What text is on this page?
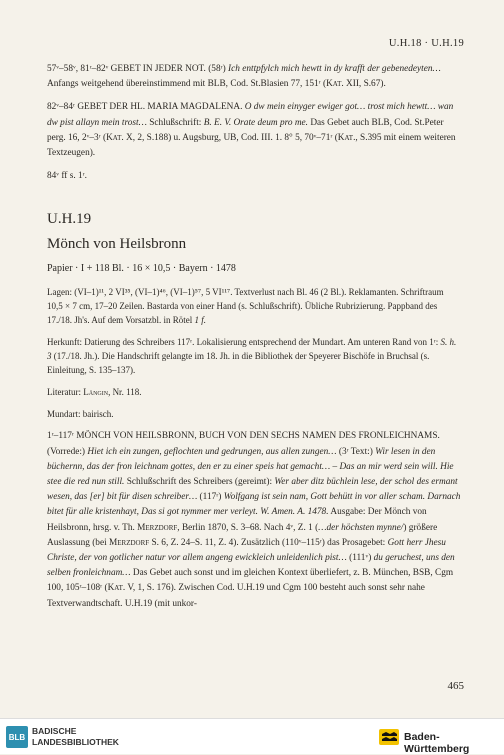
U.H.18 · U.H.19

57ᵛ–58ᵛ, 81ʳ–82ᵛ GEBET IN JEDER NOT. (58ʳ) Ich enttpfylch mich hewtt in dy krafft der gebenedeyten… Anfangs weitgehend übereinstimmend mit BLB, Cod. St.Blasien 77, 151ʳ (Kat. XII, S.67).

82ᵛ–84ʳ GEBET DER HL. MARIA MAGDALENA. O dw mein einyger ewiger got… trost mich hewtt… wan dw pist allayn mein trost… Schlußschrift: B. E. V. Orate deum pro me. Das Gebet auch BLB, Cod. St.Peter perg. 16, 2ᵛ–3ʳ (Kat. X, 2, S.188) u. Augsburg, UB, Cod. III. 1. 8° 5, 70ᵛ–71ʳ (Kat., S.395 mit einem weiteren Textzeugen).

84ᵛ ff s. 1ʳ.

U.H.19
Mönch von Heilsbronn
Papier · I + 118 Bl. · 16 × 10,5 · Bayern · 1478

Lagen: (VI–1)¹¹, 2 VI³⁵, (VI–1)⁴⁶, (VI–1)⁵⁷, 5 VI¹¹⁷. Textverlust nach Bl. 46 (2 Bl.). Reklamanten. Schriftraum 10,5 × 7 cm, 17–20 Zeilen. Bastarda von einer Hand (s. Schlußschrift). Übliche Rubrizierung. Pappband des 17./18. Jh's. Auf dem Vorsatzbl. in Rötel 1 f.

Herkunft: Datierung des Schreibers 117ʳ. Lokalisierung entsprechend der Mundart. Am unteren Rand von 1ʳ: S. h. 3 (17./18. Jh.). Die Handschrift gelangte im 18. Jh. in die Bibliothek der Speyerer Bischöfe in Bruchsal (s. Einleitung, S. 135–137).

Literatur: Längin, Nr. 118.

Mundart: bairisch.

1ʳ–117ʳ MÖNCH VON HEILSBRONN, BUCH VON DEN SECHS NAMEN DES FRONLEICHNAMS. (Vorrede:) Hiet ich ein zungen, geflochten und gedrungen, aus allen zungen… (3ʳ Text:) Wir lesen in den büchernn, das der fron leichnam gottes, den er zu einer speis hat gemacht… – Das an mir werd sein will. Hie stee die red nun still. Schlußschrift des Schreibers (gereimt): Wer aber ditz büchlein lese, der schol des ermant wesen, das [er] bit für disen schreiber… (117ʳ) Wolfgang ist sein nam, Gott behütt in vor aller scham. Darnach bitet für alle kristenhayt, Das si got nymmer mer verleyt. W. Amen. A. 1478. Ausgabe: Der Mönch von Heilsbronn, hrsg. v. Th. Merzdorf, Berlin 1870, S. 3–68. Nach 4ᵛ, Z. 1 (…der höchsten mynne/) größere Auslassung (bei Merzdorf S. 6, Z. 24–S. 11, Z. 4). Zusätzlich (110ᵛ–115ʳ) das Prosagebet: Gott herr Jhesu Christe, der von gotlicher natur vor allem angeng ewickleich unleidenlich pist… (111ᵛ) du geruchest, uns den selben fronleichnam… Das Gebet auch sonst und im gleichen Kontext überliefert, z. B. München, BSB, Cgm 100, 105ʳ–108ʳ (Kat. V, 1, S. 176). Zwischen Cod. U.H.19 und Cgm 100 besteht auch sonst sehr nahe Textverwandtschaft. U.H.19 (mit unkor-

465
BLB
BADISCHE
LANDESBIBLIOTHEK	Baden-Württemberg
